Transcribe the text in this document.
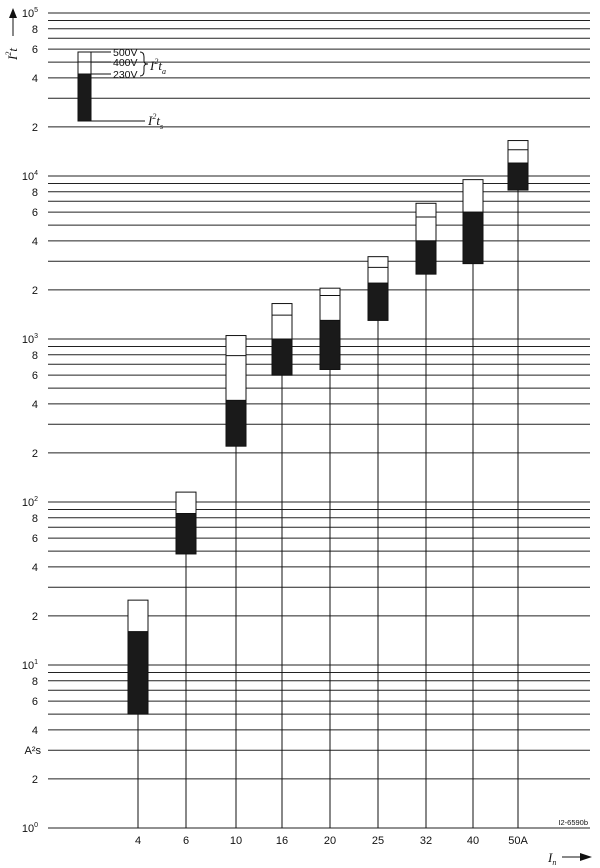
$10^0$
2
4
6
8
$10^1$
2
4
6
8
$10^2$
2
4
6
8
$10^3$
2
4
6
8
$10^4$
2
4
6
8
$10^5$
A²s
4	6	10	16	20	25	32	40	50A
500V
400V
230V
$I^2t_a$
$I^2t_s$
$I^2t$
$I_n$
I2-6590b
